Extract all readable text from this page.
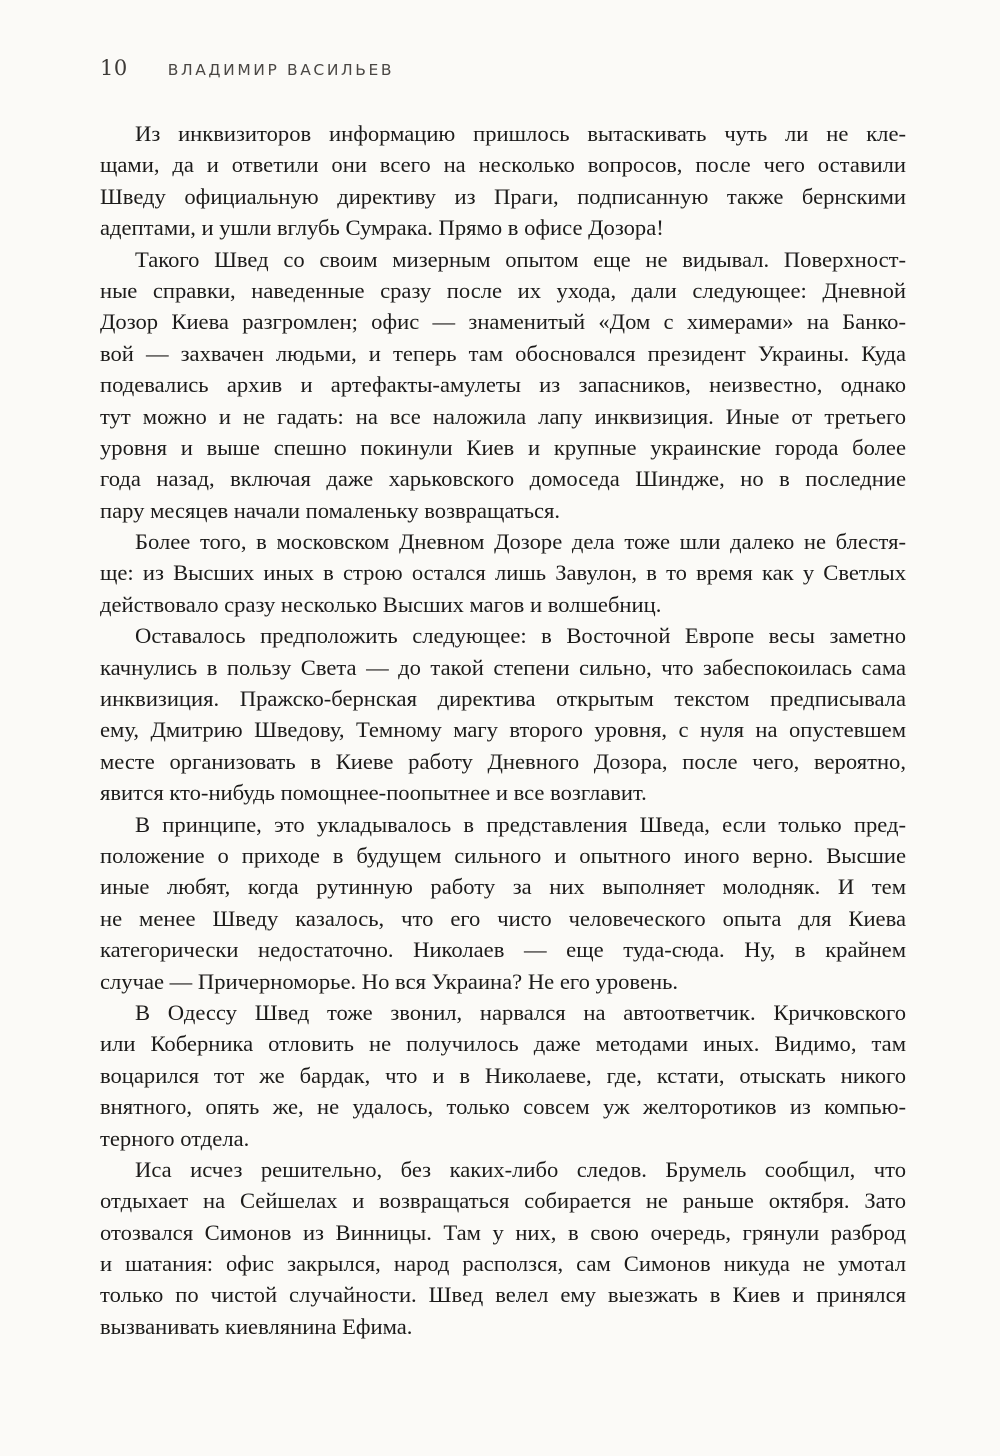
10	ВЛАДИМИР ВАСИЛЬЕВ
Из инквизиторов информацию пришлось вытаскивать чуть ли не кле-
щами, да и ответили они всего на несколько вопросов, после чего оставили
Шведу официальную директиву из Праги, подписанную также бернскими
адептами, и ушли вглубь Сумрака. Прямо в офисе Дозора!
Такого Швед со своим мизерным опытом еще не видывал. Поверхност-
ные справки, наведенные сразу после их ухода, дали следующее: Дневной
Дозор Киева разгромлен; офис — знаменитый «Дом с химерами» на Банко-
вой — захвачен людьми, и теперь там обосновался президент Украины. Куда
подевались архив и артефакты-амулеты из запасников, неизвестно, однако
тут можно и не гадать: на все наложила лапу инквизиция. Иные от третьего
уровня и выше спешно покинули Киев и крупные украинские города более
года назад, включая даже харьковского домоседа Шиндже, но в последние
пару месяцев начали помаленьку возвращаться.
Более того, в московском Дневном Дозоре дела тоже шли далеко не блестя-
ще: из Высших иных в строю остался лишь Завулон, в то время как у Светлых
действовало сразу несколько Высших магов и волшебниц.
Оставалось предположить следующее: в Восточной Европе весы заметно
качнулись в пользу Света — до такой степени сильно, что забеспокоилась сама
инквизиция. Пражско-бернская директива открытым текстом предписывала
ему, Дмитрию Шведову, Темному магу второго уровня, с нуля на опустевшем
месте организовать в Киеве работу Дневного Дозора, после чего, вероятно,
явится кто-нибудь помощнее-поопытнее и все возглавит.
В принципе, это укладывалось в представления Шведа, если только пред-
положение о приходе в будущем сильного и опытного иного верно. Высшие
иные любят, когда рутинную работу за них выполняет молодняк. И тем
не менее Шведу казалось, что его чисто человеческого опыта для Киева
категорически недостаточно. Николаев — еще туда-сюда. Ну, в крайнем
случае — Причерноморье. Но вся Украина? Не его уровень.
В Одессу Швед тоже звонил, нарвался на автоответчик. Кричковского
или Коберника отловить не получилось даже методами иных. Видимо, там
воцарился тот же бардак, что и в Николаеве, где, кстати, отыскать никого
внятного, опять же, не удалось, только совсем уж желторотиков из компью-
терного отдела.
Иса исчез решительно, без каких-либо следов. Брумель сообщил, что
отдыхает на Сейшелах и возвращаться собирается не раньше октября. Зато
отозвался Симонов из Винницы. Там у них, в свою очередь, грянули разброд
и шатания: офис закрылся, народ расползся, сам Симонов никуда не умотал
только по чистой случайности. Швед велел ему выезжать в Киев и принялся
вызванивать киевлянина Ефима.
